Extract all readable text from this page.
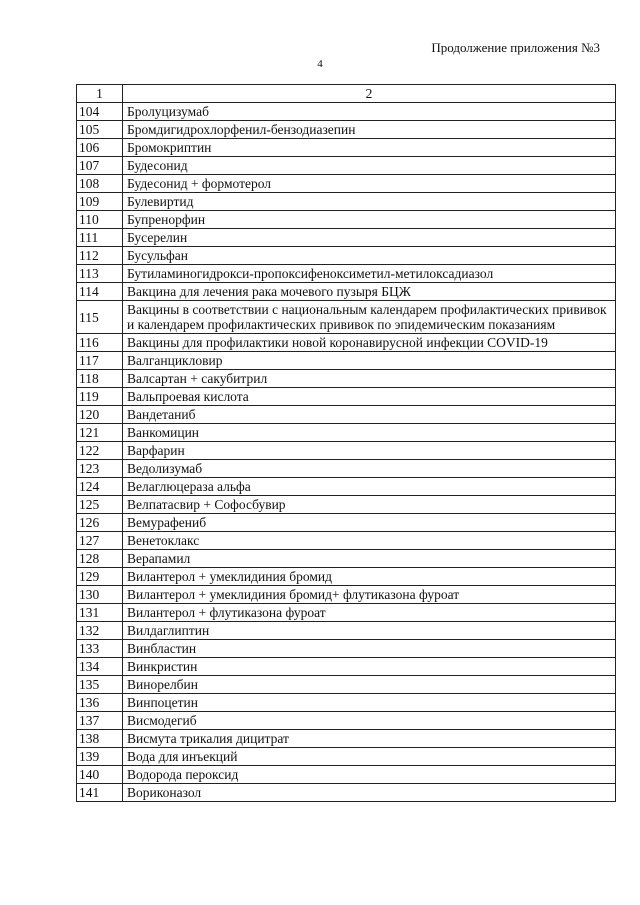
Продолжение приложения №3
4
1	2
104	Бролуцизумаб
105	Бромдигидрохлорфенил-бензодиазепин
106	Бромокриптин
107	Будесонид
108	Будесонид + формотерол
109	Булевиртид
110	Бупренорфин
111	Бусерелин
112	Бусульфан
113	Бутиламиногидрокси-пропоксифеноксиметил-метилоксадиазол
114	Вакцина для лечения рака мочевого пузыря БЦЖ
115	Вакцины в соответствии с национальным календарем профилактических прививок и календарем профилактических прививок по эпидемическим показаниям
116	Вакцины для профилактики новой коронавирусной инфекции COVID-19
117	Валганцикловир
118	Валсартан + сакубитрил
119	Вальпроевая кислота
120	Вандетаниб
121	Ванкомицин
122	Варфарин
123	Ведолизумаб
124	Велаглюцераза альфа
125	Велпатасвир + Софосбувир
126	Вемурафениб
127	Венетоклакс
128	Верапамил
129	Вилантерол + умеклидиния бромид
130	Вилантерол + умеклидиния бромид+ флутиказона фуроат
131	Вилантерол + флутиказона фуроат
132	Вилдаглиптин
133	Винбластин
134	Винкристин
135	Винорелбин
136	Винпоцетин
137	Висмодегиб
138	Висмута трикалия дицитрат
139	Вода для инъекций
140	Водорода пероксид
141	Вориконазол
